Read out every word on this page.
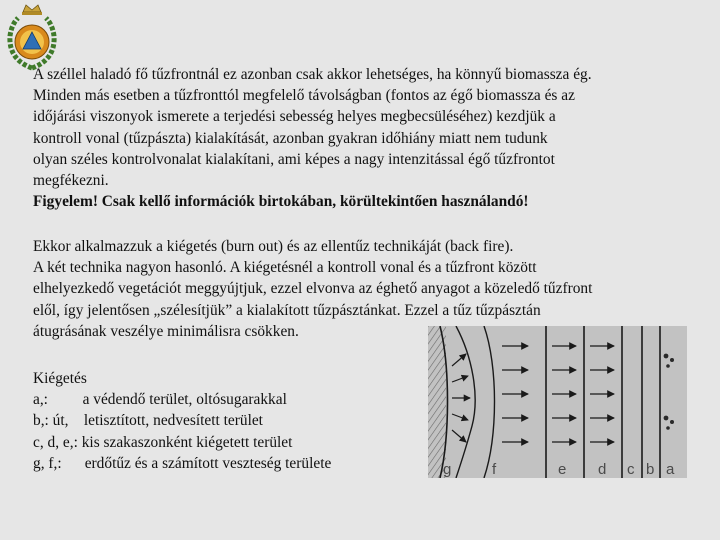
A széllel haladó fő tűzfrontnál ez azonban csak akkor lehetséges, ha könnyű biomassza ég.
Minden más esetben a tűzfronttól megfelelő távolságban (fontos az égő biomassza és az
időjárási viszonyok ismerete a terjedési sebesség helyes megbecsüléséhez) kezdjük a
kontroll vonal (tűzpászta) kialakítását, azonban gyakran időhiány miatt nem tudunk
olyan széles kontrolvonalat kialakítani, ami képes a nagy intenzitással égő tűzfrontot
megfékezni.
Figyelem! Csak kellő információk birtokában, körültekintően használandó!
Ekkor alkalmazzuk a kiégetés (burn out) és az ellentűz technikáját (back fire).
A két technika nagyon hasonló. A kiégetésnél a kontroll vonal és a tűzfront között
elhelyezkedő vegetációt meggyújtjuk, ezzel elvonva az éghető anyagot a közeledő tűzfront
elől, így jelentősen „szélesítjük” a kialakított tűzpásztánkat. Ezzel a tűz tűzpásztán
átugrásának veszélye minimálisra csökken.
Kiégetés
a,:         a védendő terület, oltósugarakkal
b,: út,    letisztított, nedvesített terület
c, d, e,: kis szakaszonként kiégetett terület
g, f,:      erdőtűz és a számított veszteség területe	g	f	e d c b a
